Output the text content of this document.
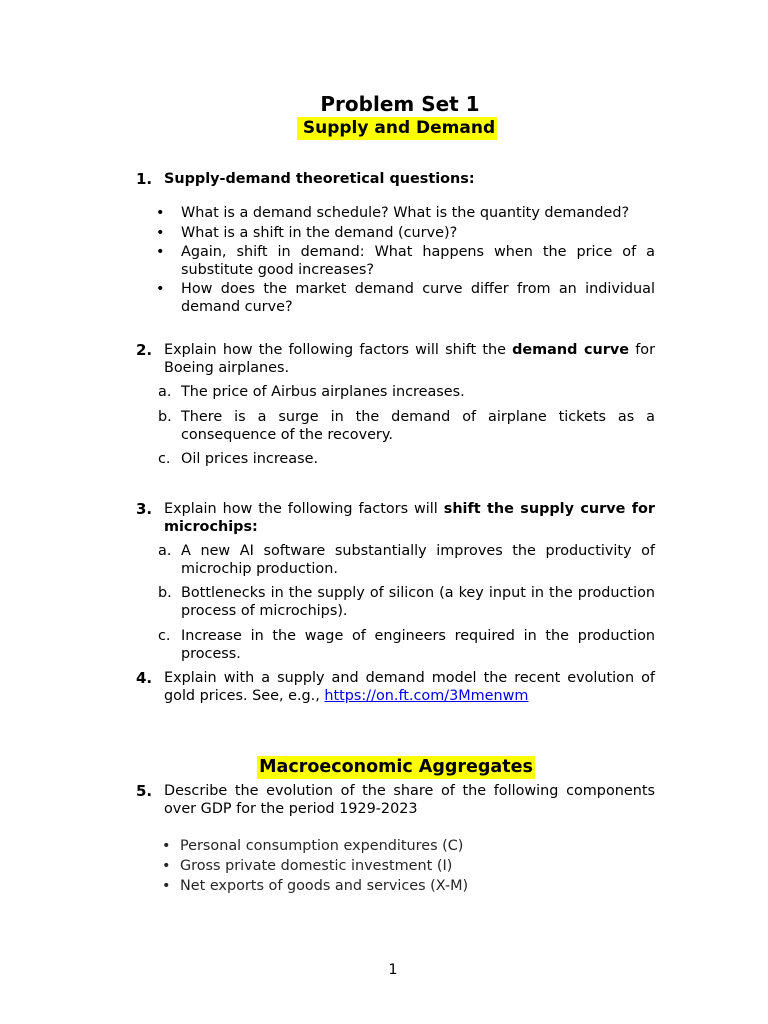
Problem Set 1
Supply and Demand
1. Supply-demand theoretical questions:
• What is a demand schedule? What is the quantity demanded?
• What is a shift in the demand (curve)?
• Again, shift in demand: What happens when the price of a substitute good increases?
• How does the market demand curve differ from an individual demand curve?
2. Explain how the following factors will shift the demand curve for Boeing airplanes.
a. The price of Airbus airplanes increases.
b. There is a surge in the demand of airplane tickets as a consequence of the recovery.
c. Oil prices increase.
3. Explain how the following factors will shift the supply curve for microchips:
a. A new AI software substantially improves the productivity of microchip production.
b. Bottlenecks in the supply of silicon (a key input in the production process of microchips).
c. Increase in the wage of engineers required in the production process.
4. Explain with a supply and demand model the recent evolution of gold prices. See, e.g., https://on.ft.com/3Mmenwm
Macroeconomic Aggregates
5. Describe the evolution of the share of the following components over GDP for the period 1929-2023
• Personal consumption expenditures (C)
• Gross private domestic investment (I)
• Net exports of goods and services (X-M)
1
